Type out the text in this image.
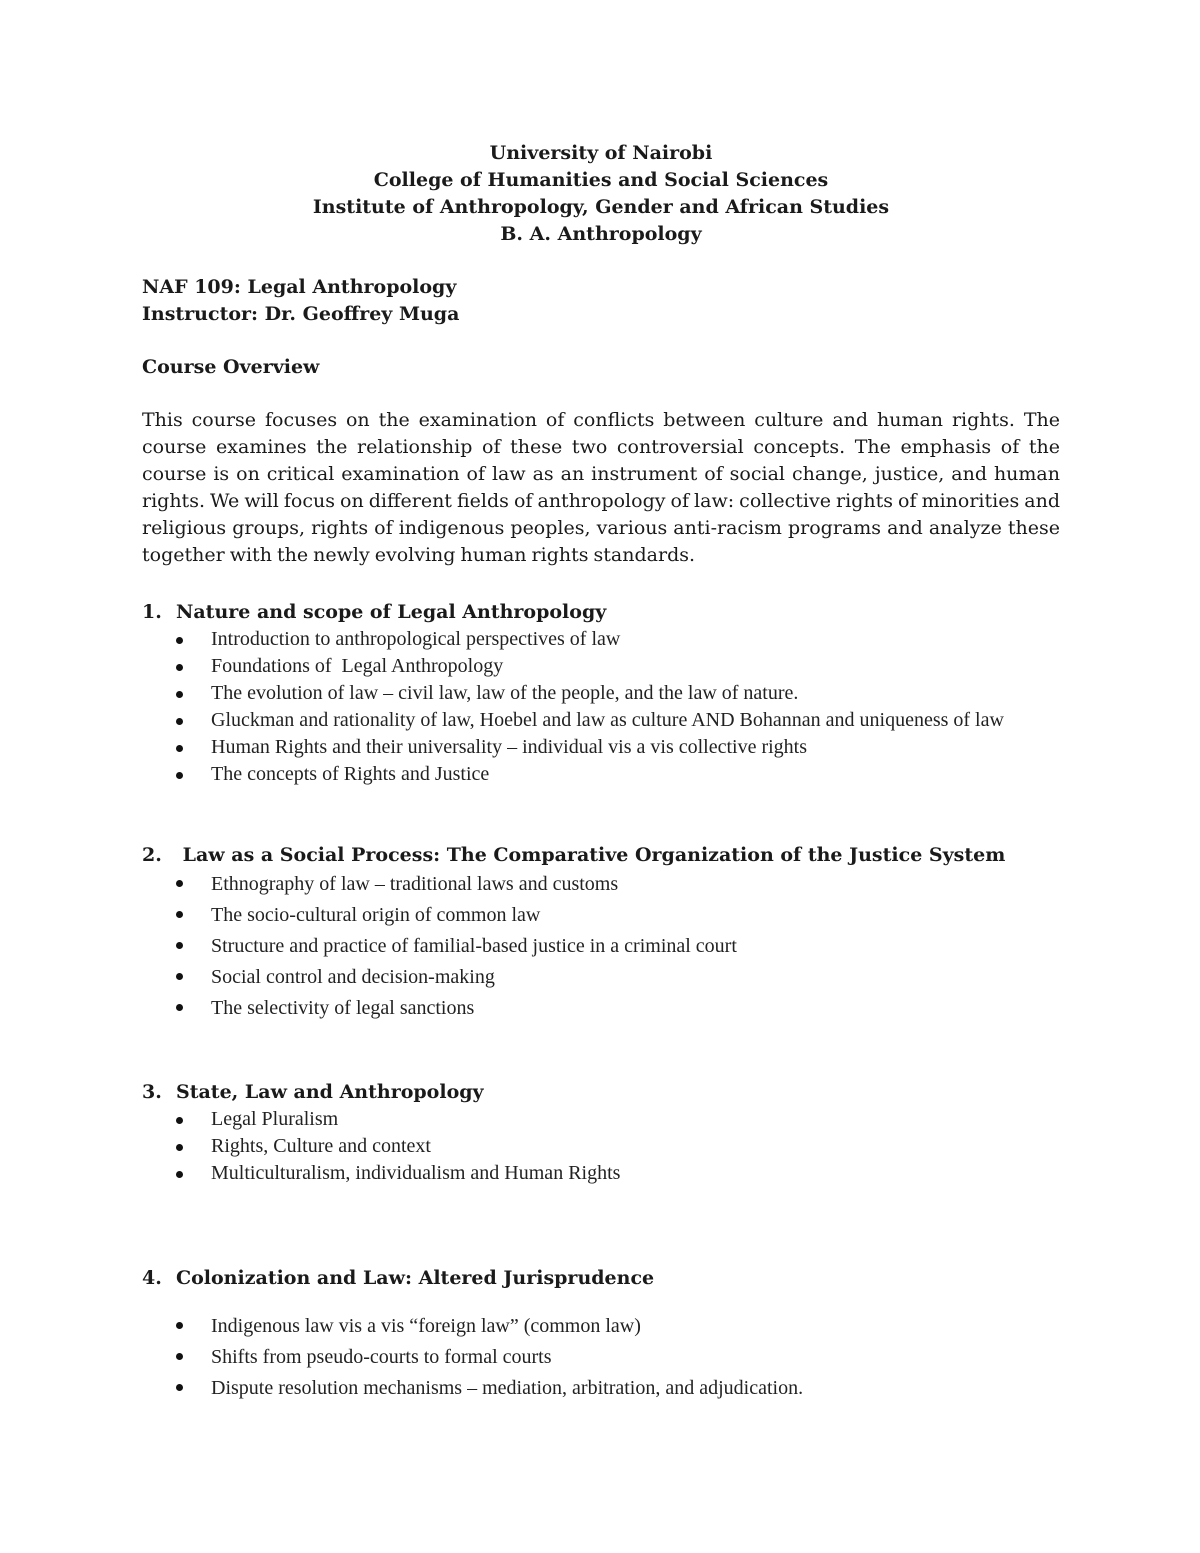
University of Nairobi
College of Humanities and Social Sciences
Institute of Anthropology, Gender and African Studies
B. A. Anthropology
NAF 109: Legal Anthropology
Instructor: Dr. Geoffrey Muga
Course Overview
This course focuses on the examination of conflicts between culture and human rights. The course examines the relationship of these two controversial concepts. The emphasis of the course is on critical examination of law as an instrument of social change, justice, and human rights. We will focus on different fields of anthropology of law: collective rights of minorities and religious groups, rights of indigenous peoples, various anti-racism programs and analyze these together with the newly evolving human rights standards.
1. Nature and scope of Legal Anthropology
Introduction to anthropological perspectives of law
Foundations of  Legal Anthropology
The evolution of law – civil law, law of the people, and the law of nature.
Gluckman and rationality of law, Hoebel and law as culture AND Bohannan and uniqueness of law
Human Rights and their universality – individual vis a vis collective rights
The concepts of Rights and Justice
2. Law as a Social Process: The Comparative Organization of the Justice System
Ethnography of law – traditional laws and customs
The socio-cultural origin of common law
Structure and practice of familial-based justice in a criminal court
Social control and decision-making
The selectivity of legal sanctions
3. State, Law and Anthropology
Legal Pluralism
Rights, Culture and context
Multiculturalism, individualism and Human Rights
4. Colonization and Law: Altered Jurisprudence
Indigenous law vis a vis “foreign law” (common law)
Shifts from pseudo-courts to formal courts
Dispute resolution mechanisms – mediation, arbitration, and adjudication.
